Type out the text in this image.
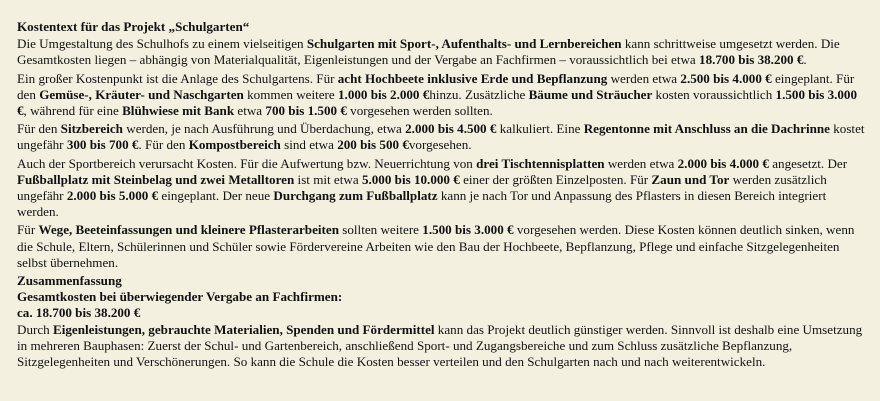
Kostentext für das Projekt „Schulgarten“

Die Umgestaltung des Schulhofs zu einem vielseitigen Schulgarten mit Sport-, Aufenthalts- und Lernbereichen kann schrittweise umgesetzt werden. Die Gesamtkosten liegen – abhängig von Materialqualität, Eigenleistungen und der Vergabe an Fachfirmen – voraussichtlich bei etwa 18.700 bis 38.200 €.

Ein großer Kostenpunkt ist die Anlage des Schulgartens. Für acht Hochbeete inklusive Erde und Bepflanzung werden etwa 2.500 bis 4.000 € eingeplant. Für den Gemüse-, Kräuter- und Naschgarten kommen weitere 1.000 bis 2.000 €hinzu. Zusätzliche Bäume und Sträucher kosten voraussichtlich 1.500 bis 3.000 €, während für eine Blühwiese mit Bank etwa 700 bis 1.500 € vorgesehen werden sollten.

Für den Sitzbereich werden, je nach Ausführung und Überdachung, etwa 2.000 bis 4.500 € kalkuliert. Eine Regentonne mit Anschluss an die Dachrinne kostet ungefähr 300 bis 700 €. Für den Kompostbereich sind etwa 200 bis 500 €vorgesehen.

Auch der Sportbereich verursacht Kosten. Für die Aufwertung bzw. Neuerrichtung von drei Tischtennisplatten werden etwa 2.000 bis 4.000 € angesetzt. Der Fußballplatz mit Steinbelag und zwei Metalltoren ist mit etwa 5.000 bis 10.000 € einer der größten Einzelposten. Für Zaun und Tor werden zusätzlich ungefähr 2.000 bis 5.000 € eingeplant. Der neue Durchgang zum Fußballplatz kann je nach Tor und Anpassung des Pflasters in diesen Bereich integriert werden.

Für Wege, Beeteinfassungen und kleinere Pflasterarbeiten sollten weitere 1.500 bis 3.000 € vorgesehen werden. Diese Kosten können deutlich sinken, wenn die Schule, Eltern, Schülerinnen und Schüler sowie Fördervereine Arbeiten wie den Bau der Hochbeete, Bepflanzung, Pflege und einfache Sitzgelegenheiten selbst übernehmen.

Zusammenfassung

Gesamtkosten bei überwiegender Vergabe an Fachfirmen:

ca. 18.700 bis 38.200 €

Durch Eigenleistungen, gebrauchte Materialien, Spenden und Fördermittel kann das Projekt deutlich günstiger werden. Sinnvoll ist deshalb eine Umsetzung in mehreren Bauphasen: Zuerst der Schul- und Gartenbereich, anschließend Sport- und Zugangsbereiche und zum Schluss zusätzliche Bepflanzung, Sitzgelegenheiten und Verschönerungen. So kann die Schule die Kosten besser verteilen und den Schulgarten nach und nach weiterentwickeln.
